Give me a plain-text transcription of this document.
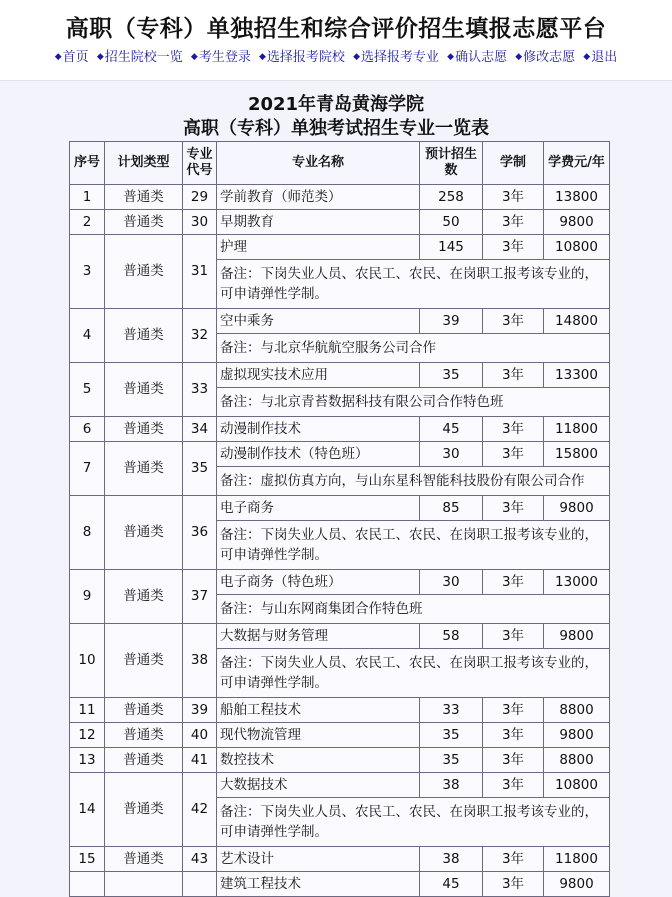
高职（专科）单独招生和综合评价招生填报志愿平台
◆首页 ◆招生院校一览 ◆考生登录 ◆选择报考院校 ◆选择报考专业 ◆确认志愿 ◆修改志愿 ◆退出
2021年青岛黄海学院
高职（专科）单独考试招生专业一览表
序号	计划类型	专业代号	专业名称	预计招生数	学制	学费元/年
1	普通类	29	学前教育（师范类）	258	3年	13800
2	普通类	30	早期教育	50	3年	9800
3	普通类	31	护理	145	3年	10800
			备注：下岗失业人员、农民工、农民、在岗职工报考该专业的，可申请弹性学制。			
4	普通类	32	空中乘务	39	3年	14800
			备注：与北京华航航空服务公司合作			
5	普通类	33	虚拟现实技术应用	35	3年	13300
			备注：与北京青苔数据科技有限公司合作特色班			
6	普通类	34	动漫制作技术	45	3年	11800
7	普通类	35	动漫制作技术（特色班）	30	3年	15800
			备注：虚拟仿真方向，与山东星科智能科技股份有限公司合作			
8	普通类	36	电子商务	85	3年	9800
			备注：下岗失业人员、农民工、农民、在岗职工报考该专业的，可申请弹性学制。			
9	普通类	37	电子商务（特色班）	30	3年	13000
			备注：与山东网商集团合作特色班			
10	普通类	38	大数据与财务管理	58	3年	9800
			备注：下岗失业人员、农民工、农民、在岗职工报考该专业的，可申请弹性学制。			
11	普通类	39	船舶工程技术	33	3年	8800
12	普通类	40	现代物流管理	35	3年	9800
13	普通类	41	数控技术	35	3年	8800
14	普通类	42	大数据技术	38	3年	10800
			备注：下岗失业人员、农民工、农民、在岗职工报考该专业的，可申请弹性学制。			
15	普通类	43	艺术设计	38	3年	11800
			建筑工程技术	45	3年	9800
